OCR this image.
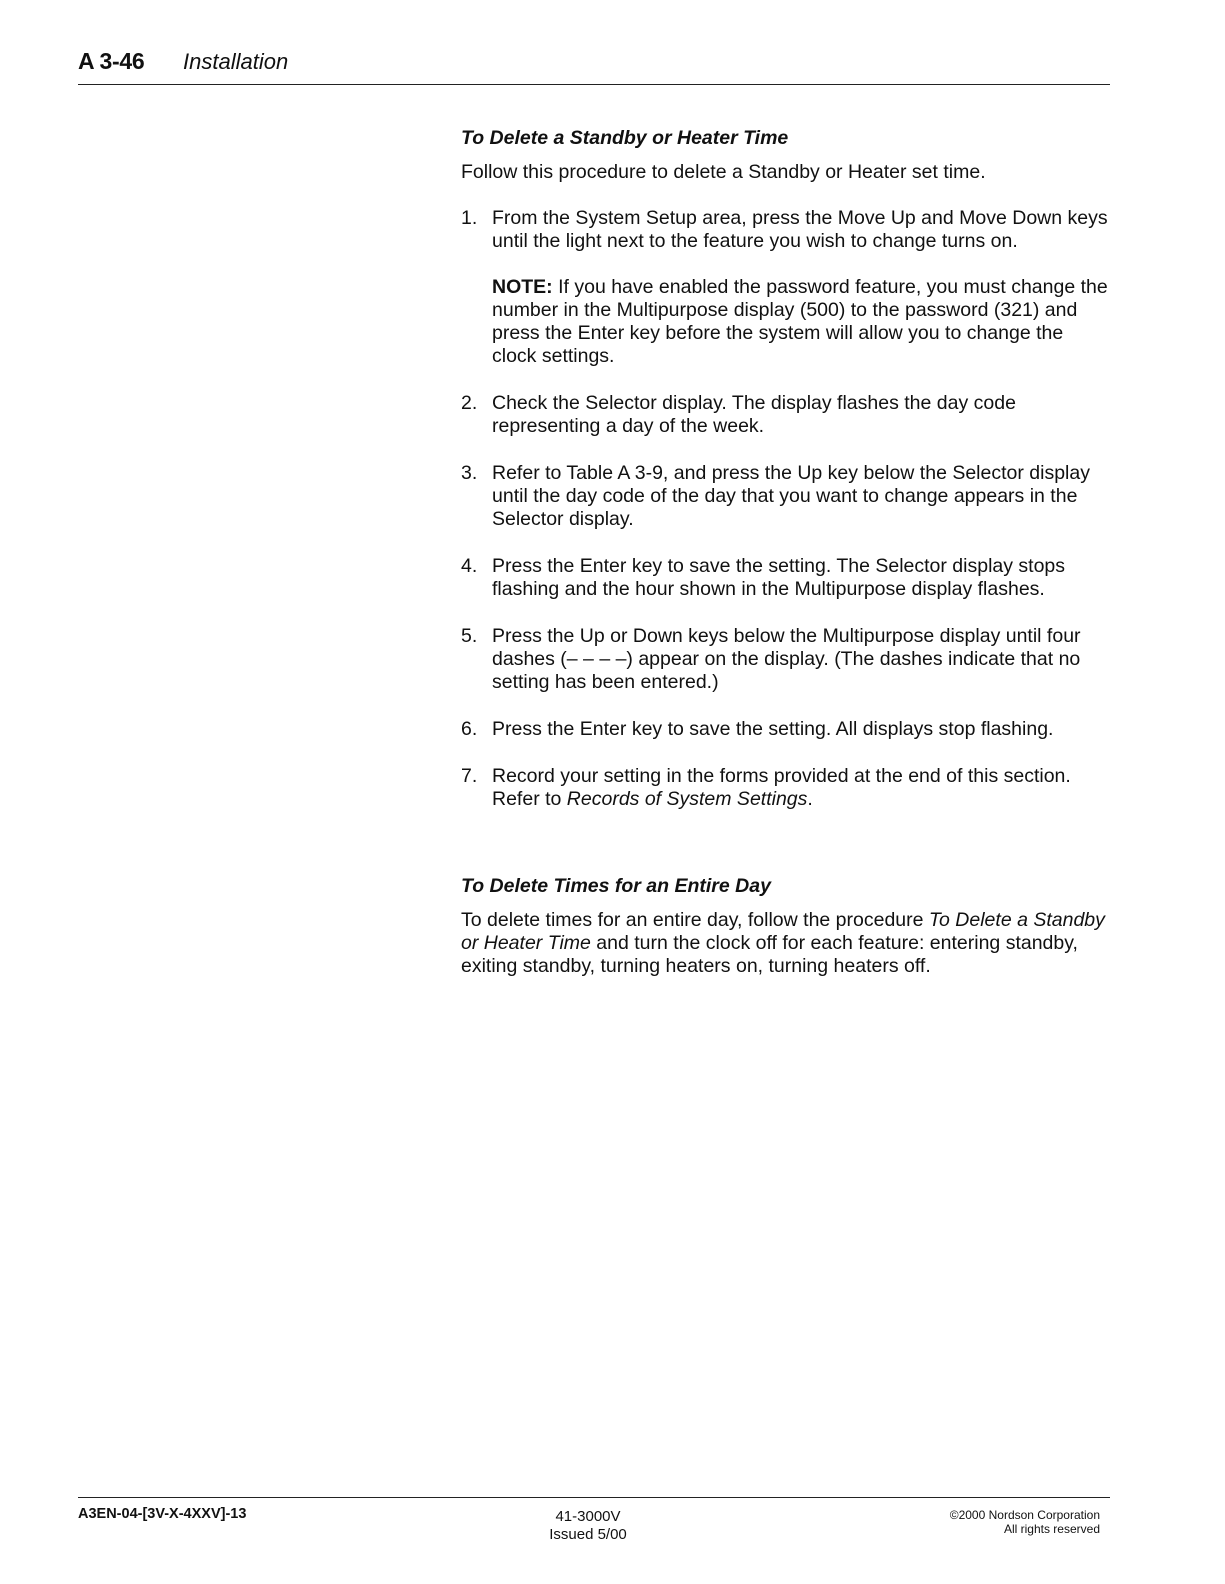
A 3-46 Installation

To Delete a Standby or Heater Time

Follow this procedure to delete a Standby or Heater set time.

1. From the System Setup area, press the Move Up and Move Down keys until the light next to the feature you wish to change turns on.
NOTE: If you have enabled the password feature, you must change the number in the Multipurpose display (500) to the password (321) and press the Enter key before the system will allow you to change the clock settings.
2. Check the Selector display. The display flashes the day code representing a day of the week.
3. Refer to Table A 3-9, and press the Up key below the Selector display until the day code of the day that you want to change appears in the Selector display.
4. Press the Enter key to save the setting. The Selector display stops flashing and the hour shown in the Multipurpose display flashes.
5. Press the Up or Down keys below the Multipurpose display until four dashes (– – – –) appear on the display. (The dashes indicate that no setting has been entered.)
6. Press the Enter key to save the setting. All displays stop flashing.
7. Record your setting in the forms provided at the end of this section. Refer to Records of System Settings.

To Delete Times for an Entire Day

To delete times for an entire day, follow the procedure To Delete a Standby or Heater Time and turn the clock off for each feature: entering standby, exiting standby, turning heaters on, turning heaters off.

A3EN-04-[3V-X-4XXV]-13	41-3000V
Issued 5/00
©2000 Nordson Corporation
All rights reserved
